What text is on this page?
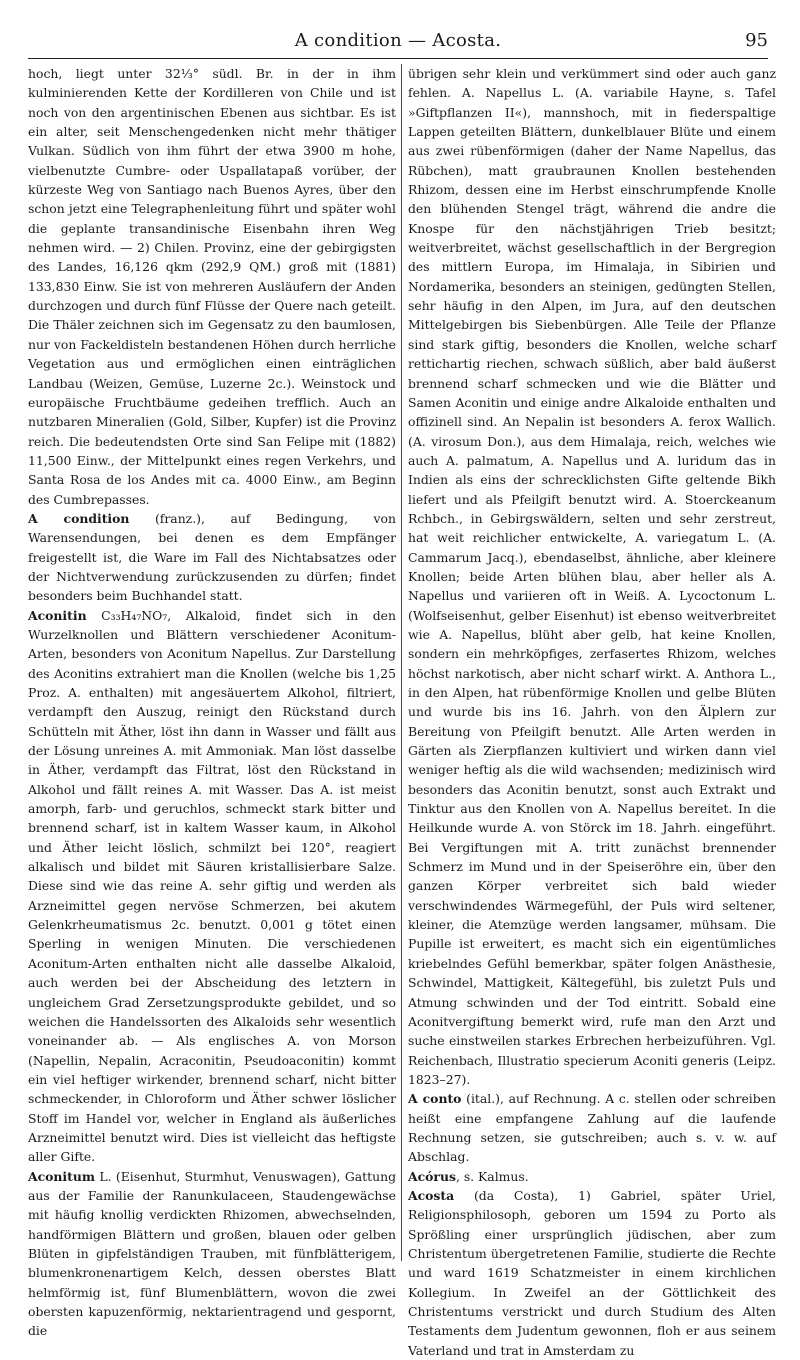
A condition — Acosta.	95

hoch, liegt unter 32⅓° südl. Br. in der in ihm kulminierenden Kette der Kordilleren von Chile und ist noch von den argentinischen Ebenen aus sichtbar. Es ist ein alter, seit Menschengedenken nicht mehr thätiger Vulkan. Südlich von ihm führt der etwa 3900 m hohe, vielbenutzte Cumbre- oder Uspallatapaß vorüber, der kürzeste Weg von Santiago nach Buenos Ayres, über den schon jetzt eine Telegraphenleitung führt und später wohl die geplante transandinische Eisenbahn ihren Weg nehmen wird. — 2) Chilen. Provinz, eine der gebirgigsten des Landes, 16,126 qkm (292,9 QM.) groß mit (1881) 133,830 Einw. Sie ist von mehreren Ausläufern der Anden durchzogen und durch fünf Flüsse der Quere nach geteilt. Die Thäler zeichnen sich im Gegensatz zu den baumlosen, nur von Fackeldisteln bestandenen Höhen durch herrliche Vegetation aus und ermöglichen einen einträglichen Landbau (Weizen, Gemüse, Luzerne 2c.). Weinstock und europäische Fruchtbäume gedeihen trefflich. Auch an nutzbaren Mineralien (Gold, Silber, Kupfer) ist die Provinz reich. Die bedeutendsten Orte sind San Felipe mit (1882) 11,500 Einw., der Mittelpunkt eines regen Verkehrs, und Santa Rosa de los Andes mit ca. 4000 Einw., am Beginn des Cumbrepasses.

A condition (franz.), auf Bedingung, von Warensendungen, bei denen es dem Empfänger freigestellt ist, die Ware im Fall des Nichtabsatzes oder der Nichtverwendung zurückzusenden zu dürfen; findet besonders beim Buchhandel statt.

Aconitin C₃₃H₄₇NO₇, Alkaloid, findet sich in den Wurzelknollen und Blättern verschiedener Aconitum-Arten, besonders von Aconitum Napellus. Zur Darstellung des Aconitins extrahiert man die Knollen (welche bis 1,25 Proz. A. enthalten) mit angesäuertem Alkohol, filtriert, verdampft den Auszug, reinigt den Rückstand durch Schütteln mit Äther, löst ihn dann in Wasser und fällt aus der Lösung unreines A. mit Ammoniak. Man löst dasselbe in Äther, verdampft das Filtrat, löst den Rückstand in Alkohol und fällt reines A. mit Wasser. Das A. ist meist amorph, farb- und geruchlos, schmeckt stark bitter und brennend scharf, ist in kaltem Wasser kaum, in Alkohol und Äther leicht löslich, schmilzt bei 120°, reagiert alkalisch und bildet mit Säuren kristallisierbare Salze. Diese sind wie das reine A. sehr giftig und werden als Arzneimittel gegen nervöse Schmerzen, bei akutem Gelenkrheumatismus 2c. benutzt. 0,001 g tötet einen Sperling in wenigen Minuten. Die verschiedenen Aconitum-Arten enthalten nicht alle dasselbe Alkaloid, auch werden bei der Abscheidung des letztern in ungleichem Grad Zersetzungsprodukte gebildet, und so weichen die Handelssorten des Alkaloids sehr wesentlich voneinander ab. — Als englisches A. von Morson (Napellin, Nepalin, Acraconitin, Pseudoaconitin) kommt ein viel heftiger wirkender, brennend scharf, nicht bitter schmeckender, in Chloroform und Äther schwer löslicher Stoff im Handel vor, welcher in England als äußerliches Arzneimittel benutzt wird. Dies ist vielleicht das heftigste aller Gifte.

Aconitum L. (Eisenhut, Sturmhut, Venuswagen), Gattung aus der Familie der Ranunkulaceen, Staudengewächse mit häufig knollig verdickten Rhizomen, abwechselnden, handförmigen Blättern und großen, blauen oder gelben Blüten in gipfelständigen Trauben, mit fünfblätterigem, blumenkronenartigem Kelch, dessen oberstes Blatt helmförmig ist, fünf Blumenblättern, wovon die zwei obersten kapuzenförmig, nektarientragend und gespornt, die

übrigen sehr klein und verkümmert sind oder auch ganz fehlen. A. Napellus L. (A. variabile Hayne, s. Tafel »Giftpflanzen II«), mannshoch, mit in fiederspaltige Lappen geteilten Blättern, dunkelblauer Blüte und einem aus zwei rübenförmigen (daher der Name Napellus, das Rübchen), matt graubraunen Knollen bestehenden Rhizom, dessen eine im Herbst einschrumpfende Knolle den blühenden Stengel trägt, während die andre die Knospe für den nächstjährigen Trieb besitzt; weitverbreitet, wächst gesellschaftlich in der Bergregion des mittlern Europa, im Himalaja, in Sibirien und Nordamerika, besonders an steinigen, gedüngten Stellen, sehr häufig in den Alpen, im Jura, auf den deutschen Mittelgebirgen bis Siebenbürgen. Alle Teile der Pflanze sind stark giftig, besonders die Knollen, welche scharf rettichartig riechen, schwach süßlich, aber bald äußerst brennend scharf schmecken und wie die Blätter und Samen Aconitin und einige andre Alkaloide enthalten und offizinell sind. An Nepalin ist besonders A. ferox Wallich. (A. virosum Don.), aus dem Himalaja, reich, welches wie auch A. palmatum, A. Napellus und A. luridum das in Indien als eins der schrecklichsten Gifte geltende Bikh liefert und als Pfeilgift benutzt wird. A. Stoerckeanum Rchbch., in Gebirgswäldern, selten und sehr zerstreut, hat weit reichlicher entwickelte, A. variegatum L. (A. Cammarum Jacq.), ebendaselbst, ähnliche, aber kleinere Knollen; beide Arten blühen blau, aber heller als A. Napellus und variieren oft in Weiß. A. Lycoctonum L. (Wolfseisenhut, gelber Eisenhut) ist ebenso weitverbreitet wie A. Napellus, blüht aber gelb, hat keine Knollen, sondern ein mehrköpfiges, zerfasertes Rhizom, welches höchst narkotisch, aber nicht scharf wirkt. A. Anthora L., in den Alpen, hat rübenförmige Knollen und gelbe Blüten und wurde bis ins 16. Jahrh. von den Älplern zur Bereitung von Pfeilgift benutzt. Alle Arten werden in Gärten als Zierpflanzen kultiviert und wirken dann viel weniger heftig als die wild wachsenden; medizinisch wird besonders das Aconitin benutzt, sonst auch Extrakt und Tinktur aus den Knollen von A. Napellus bereitet. In die Heilkunde wurde A. von Störck im 18. Jahrh. eingeführt. Bei Vergiftungen mit A. tritt zunächst brennender Schmerz im Mund und in der Speiseröhre ein, über den ganzen Körper verbreitet sich bald wieder verschwindendes Wärmegefühl, der Puls wird seltener, kleiner, die Atemzüge werden langsamer, mühsam. Die Pupille ist erweitert, es macht sich ein eigentümliches kriebelndes Gefühl bemerkbar, später folgen Anästhesie, Schwindel, Mattigkeit, Kältegefühl, bis zuletzt Puls und Atmung schwinden und der Tod eintritt. Sobald eine Aconitvergiftung bemerkt wird, rufe man den Arzt und suche einstweilen starkes Erbrechen herbeizuführen. Vgl. Reichenbach, Illustratio specierum Aconiti generis (Leipz. 1823–27).

A conto (ital.), auf Rechnung. A c. stellen oder schreiben heißt eine empfangene Zahlung auf die laufende Rechnung setzen, sie gutschreiben; auch s. v. w. auf Abschlag.

Acórus, s. Kalmus.

Acosta (da Costa), 1) Gabriel, später Uriel, Religionsphilosoph, geboren um 1594 zu Porto als Sprößling einer ursprünglich jüdischen, aber zum Christentum übergetretenen Familie, studierte die Rechte und ward 1619 Schatzmeister in einem kirchlichen Kollegium. In Zweifel an der Göttlichkeit des Christentums verstrickt und durch Studium des Alten Testaments dem Judentum gewonnen, floh er aus seinem Vaterland und trat in Amsterdam zu
